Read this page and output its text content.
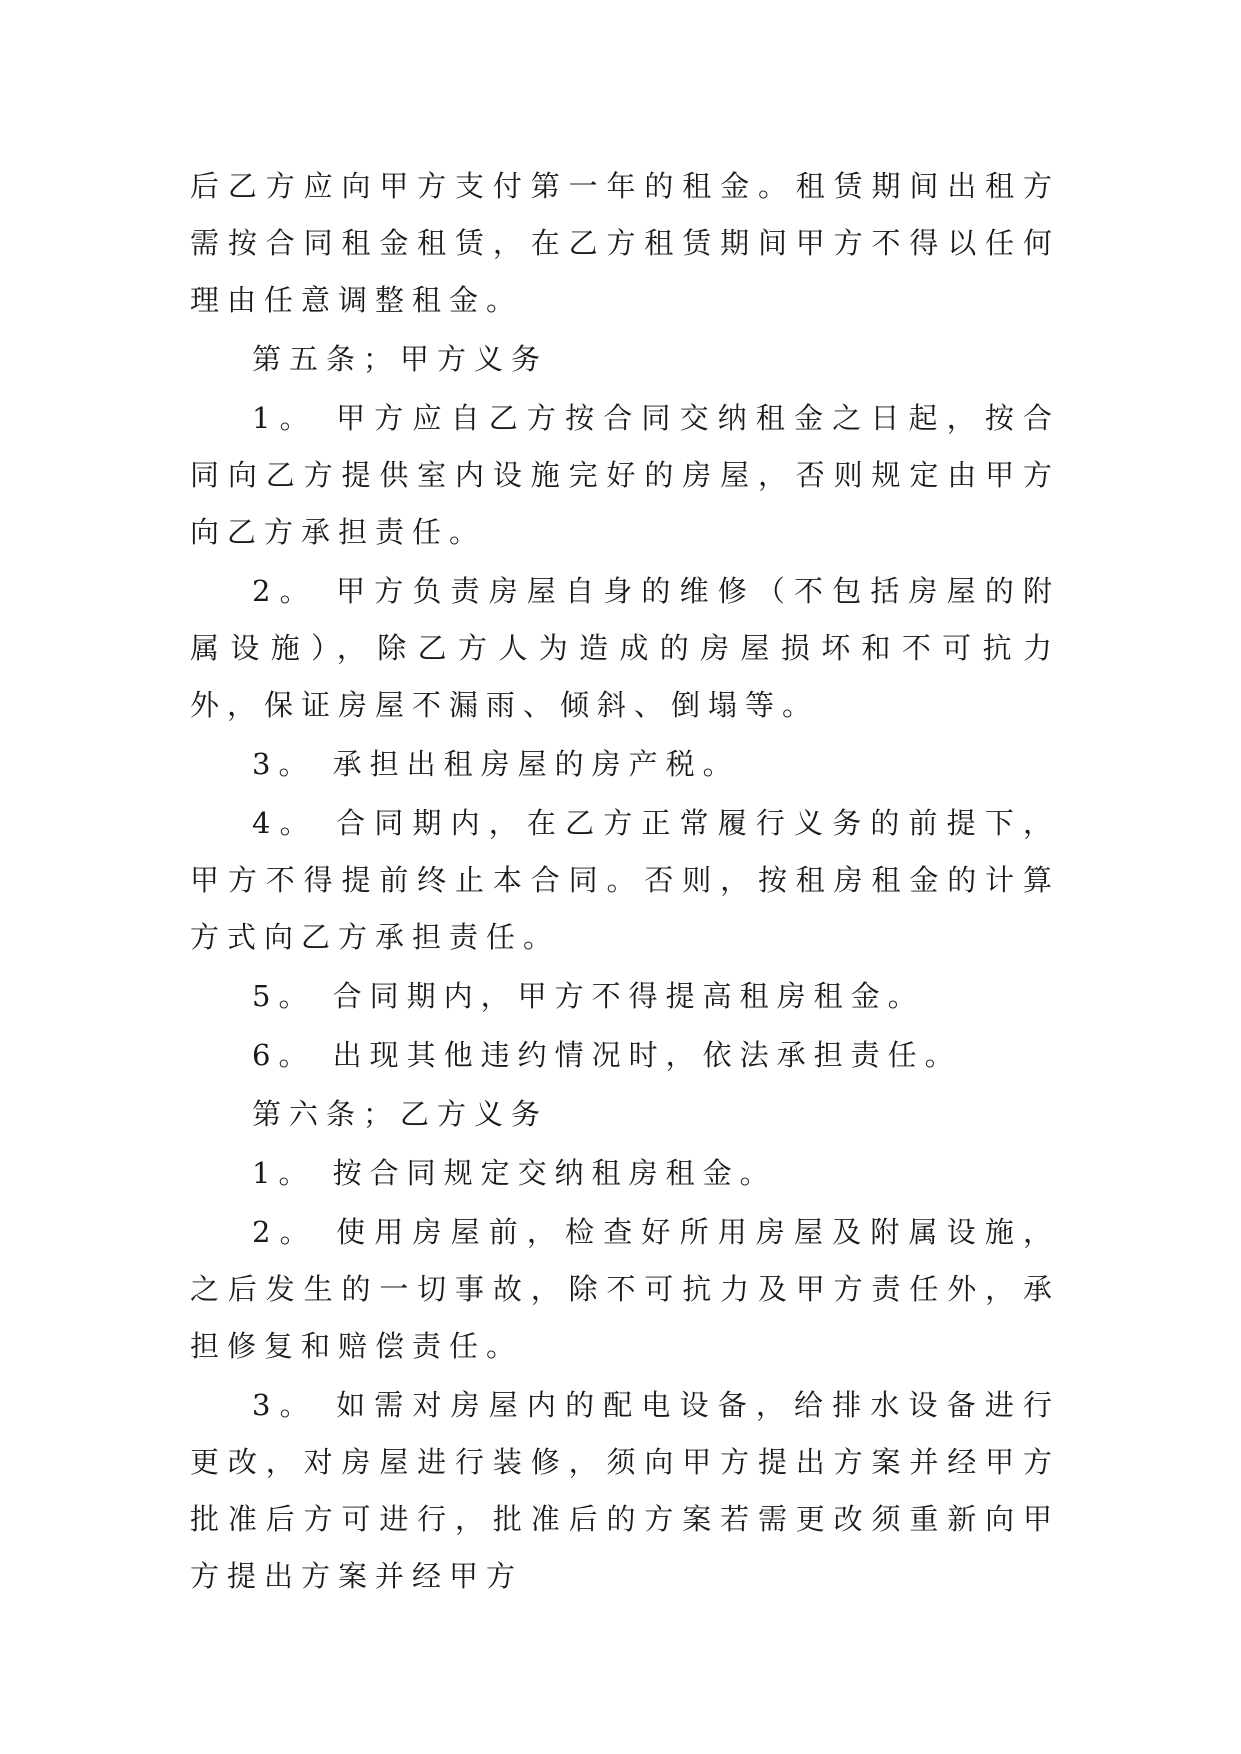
后乙方应向甲方支付第一年的租金。租赁期间出租方需按合同租金租赁，在乙方租赁期间甲方不得以任何理由任意调整租金。

第五条；甲方义务

1。 甲方应自乙方按合同交纳租金之日起，按合同向乙方提供室内设施完好的房屋，否则规定由甲方向乙方承担责任。

2。 甲方负责房屋自身的维修（不包括房屋的附属设施），除乙方人为造成的房屋损坏和不可抗力外，保证房屋不漏雨、倾斜、倒塌等。

3。 承担出租房屋的房产税。

4。 合同期内，在乙方正常履行义务的前提下，甲方不得提前终止本合同。否则，按租房租金的计算方式向乙方承担责任。

5。 合同期内，甲方不得提高租房租金。

6。 出现其他违约情况时，依法承担责任。

第六条；乙方义务

1。 按合同规定交纳租房租金。

2。 使用房屋前，检查好所用房屋及附属设施，之后发生的一切事故，除不可抗力及甲方责任外，承担修复和赔偿责任。

3。 如需对房屋内的配电设备，给排水设备进行更改，对房屋进行装修，须向甲方提出方案并经甲方批准后方可进行，批准后的方案若需更改须重新向甲方提出方案并经甲方
